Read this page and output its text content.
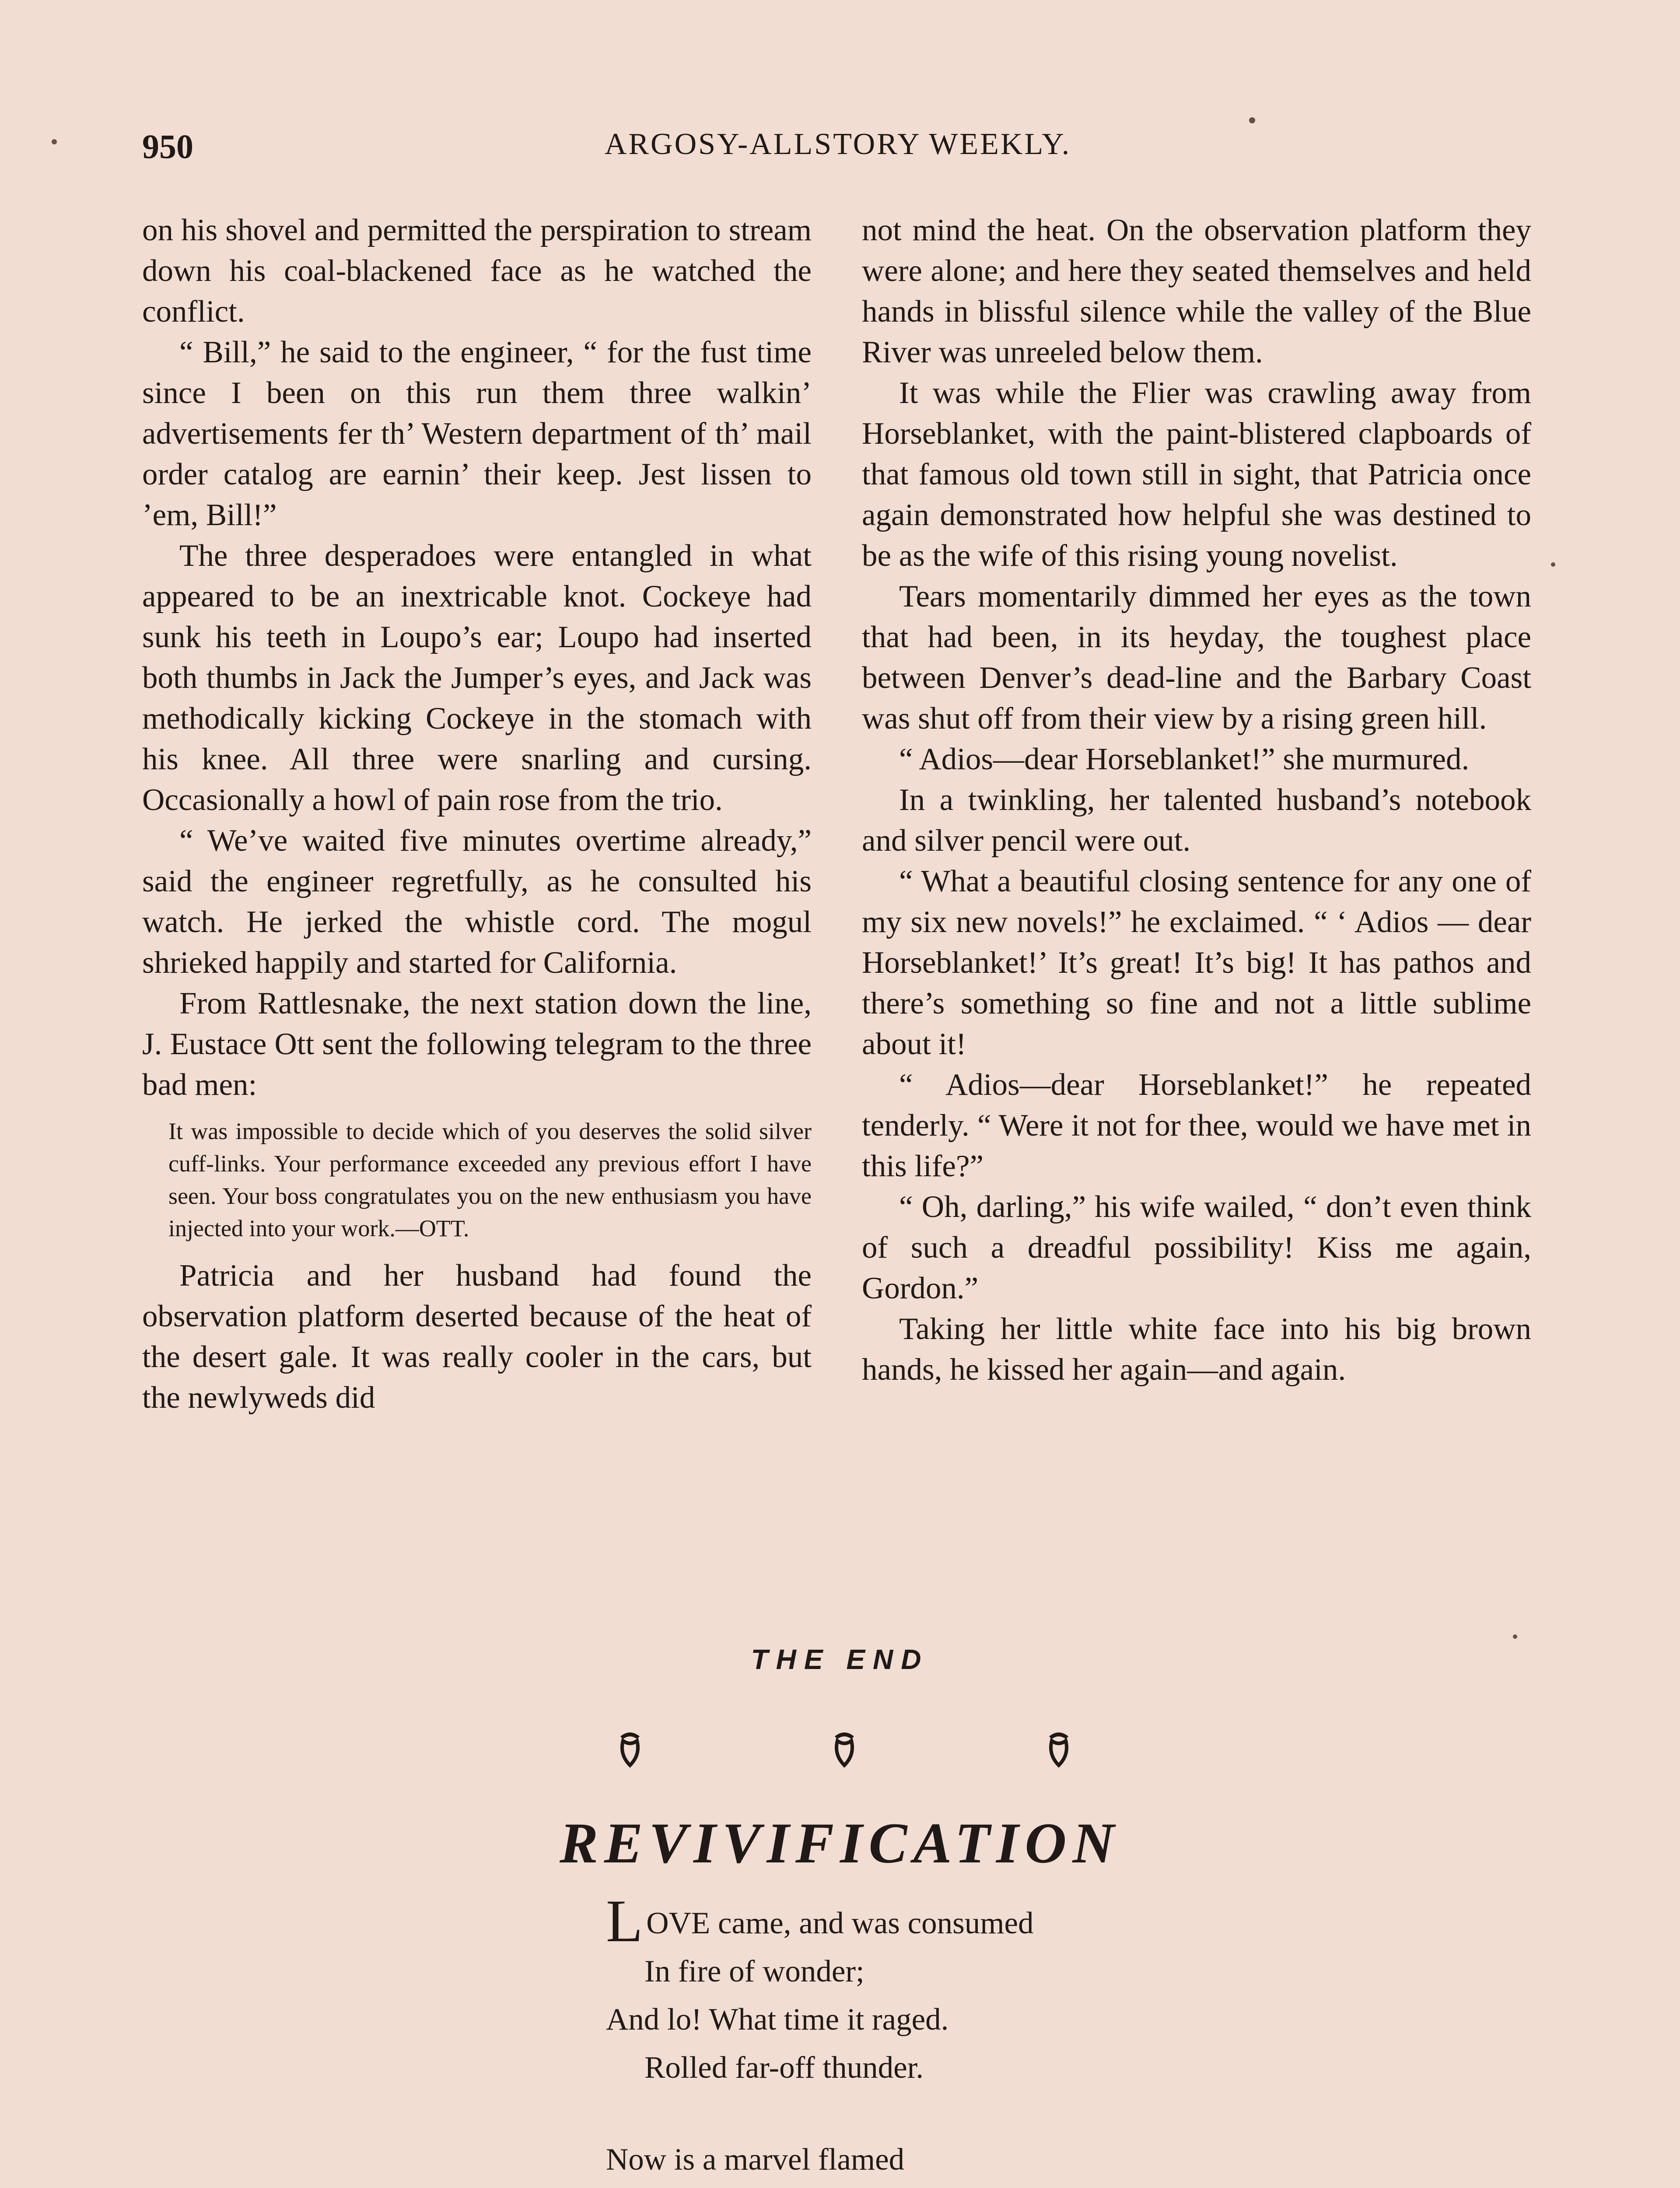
950	ARGOSY-ALLSTORY WEEKLY.

on his shovel and permitted the perspiration to stream down his coal-blackened face as he watched the conflict.

“ Bill,” he said to the engineer, “ for the fust time since I been on this run them three walkin’ advertisements fer th’ Western department of th’ mail order catalog are earnin’ their keep. Jest lissen to ’em, Bill!”

The three desperadoes were entangled in what appeared to be an inextricable knot. Cockeye had sunk his teeth in Loupo’s ear; Loupo had inserted both thumbs in Jack the Jumper’s eyes, and Jack was methodically kicking Cockeye in the stomach with his knee. All three were snarling and cursing. Occasionally a howl of pain rose from the trio.

“ We’ve waited five minutes overtime already,” said the engineer regretfully, as he consulted his watch. He jerked the whistle cord. The mogul shrieked happily and started for California.

From Rattlesnake, the next station down the line, J. Eustace Ott sent the following telegram to the three bad men:

It was impossible to decide which of you deserves the solid silver cuff-links. Your performance exceeded any previous effort I have seen. Your boss congratulates you on the new enthusiasm you have injected into your work.—OTT.

Patricia and her husband had found the observation platform deserted because of the heat of the desert gale. It was really cooler in the cars, but the newlyweds did

not mind the heat. On the observation platform they were alone; and here they seated themselves and held hands in blissful silence while the valley of the Blue River was unreeled below them.

It was while the Flier was crawling away from Horseblanket, with the paint-blistered clapboards of that famous old town still in sight, that Patricia once again demonstrated how helpful she was destined to be as the wife of this rising young novelist.

Tears momentarily dimmed her eyes as the town that had been, in its heyday, the toughest place between Denver’s dead-line and the Barbary Coast was shut off from their view by a rising green hill.

“ Adios—dear Horseblanket!” she murmured.

In a twinkling, her talented husband’s notebook and silver pencil were out.

“ What a beautiful closing sentence for any one of my six new novels!” he exclaimed. “ ‘ Adios — dear Horseblanket!’ It’s great! It’s big! It has pathos and there’s something so fine and not a little sublime about it!

“ Adios—dear Horseblanket!” he repeated tenderly. “ Were it not for thee, would we have met in this life?”

“ Oh, darling,” his wife wailed, “ don’t even think of such a dreadful possibility! Kiss me again, Gordon.”

Taking her little white face into his big brown hands, he kissed her again—and again.

THE END
REVIVIFICATION
L OVE came, and was consumed
In fire of wonder;
And lo! What time it raged.
Rolled far-off thunder.
Now is a marvel flamed
